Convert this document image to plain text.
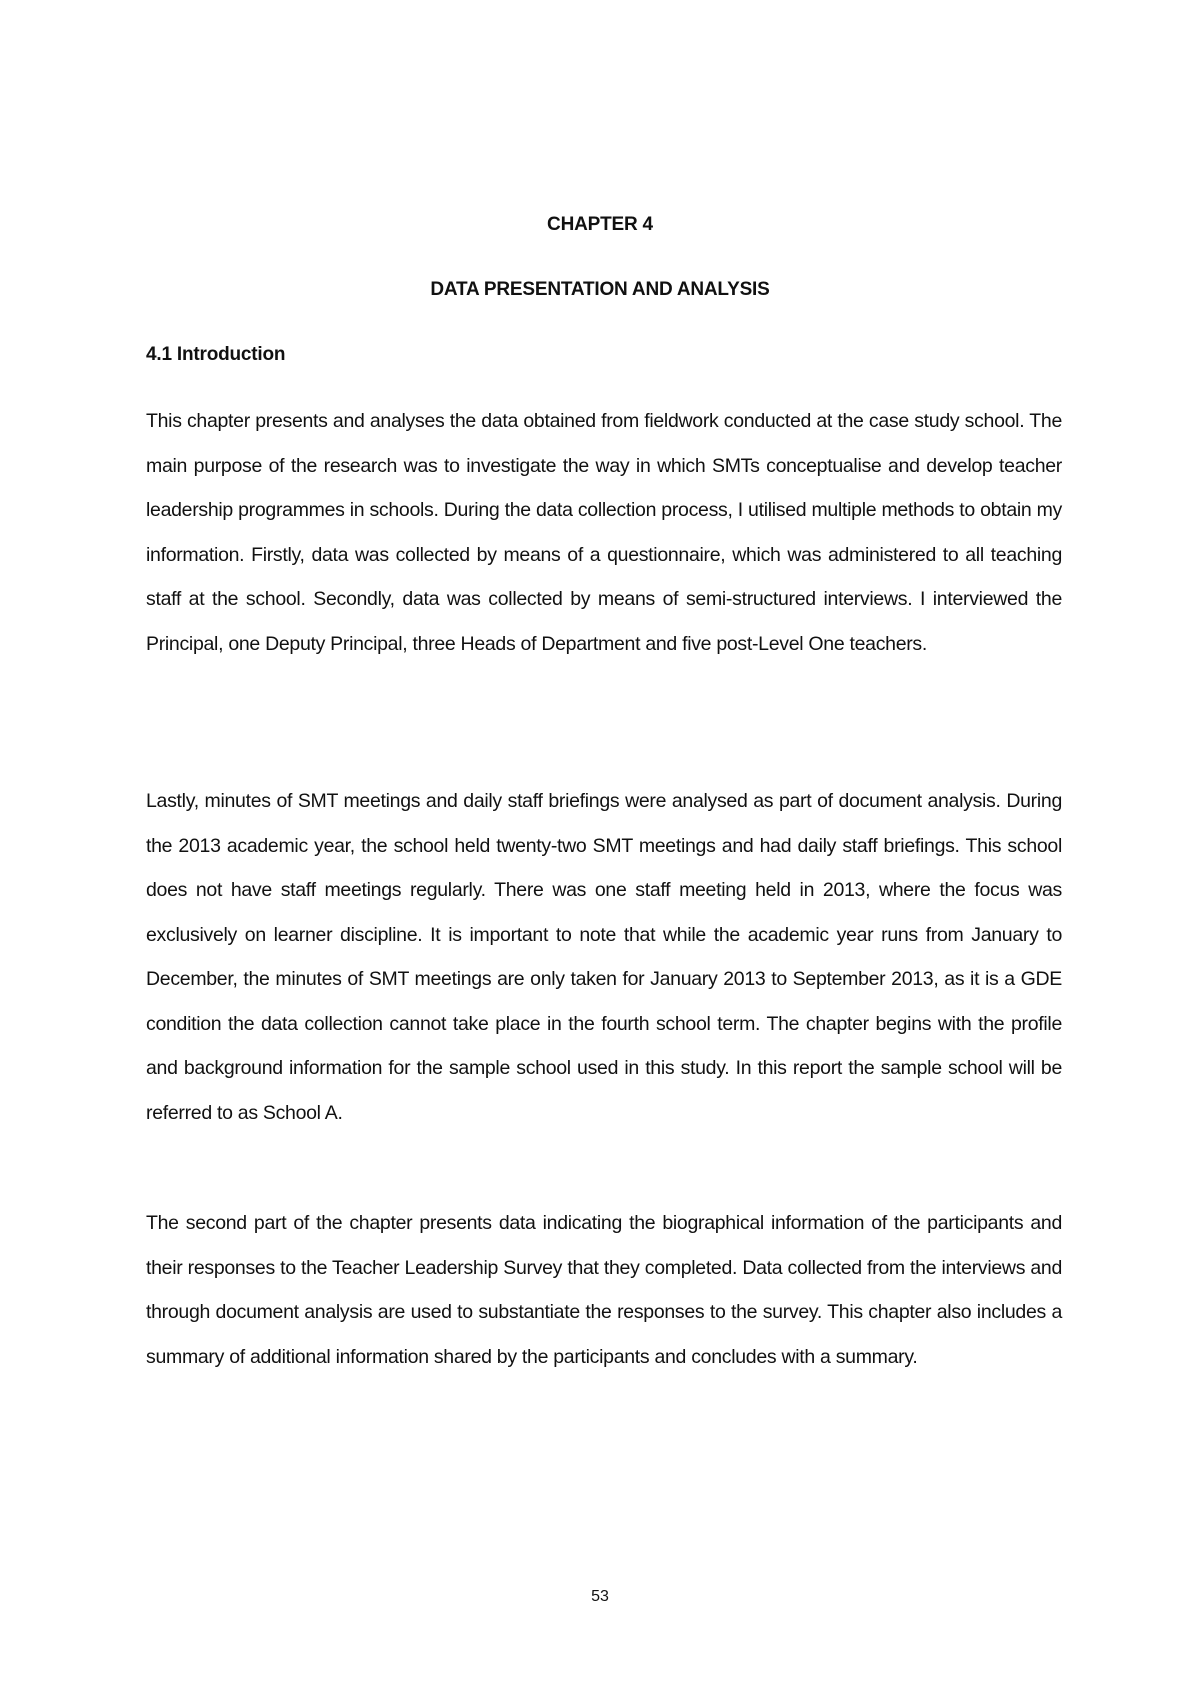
CHAPTER 4
DATA PRESENTATION AND ANALYSIS
4.1 Introduction

This chapter presents and analyses the data obtained from fieldwork conducted at the case study school. The main purpose of the research was to investigate the way in which SMTs conceptualise and develop teacher leadership programmes in schools. During the data collection process, I utilised multiple methods to obtain my information. Firstly, data was collected by means of a questionnaire, which was administered to all teaching staff at the school. Secondly, data was collected by means of semi-structured interviews. I interviewed the Principal, one Deputy Principal, three Heads of Department and five post-Level One teachers.

Lastly, minutes of SMT meetings and daily staff briefings were analysed as part of document analysis. During the 2013 academic year, the school held twenty-two SMT meetings and had daily staff briefings. This school does not have staff meetings regularly. There was one staff meeting held in 2013, where the focus was exclusively on learner discipline. It is important to note that while the academic year runs from January to December, the minutes of SMT meetings are only taken for January 2013 to September 2013, as it is a GDE condition the data collection cannot take place in the fourth school term. The chapter begins with the profile and background information for the sample school used in this study. In this report the sample school will be referred to as School A.

The second part of the chapter presents data indicating the biographical information of the participants and their responses to the Teacher Leadership Survey that they completed. Data collected from the interviews and through document analysis are used to substantiate the responses to the survey. This chapter also includes a summary of additional information shared by the participants and concludes with a summary.

53
